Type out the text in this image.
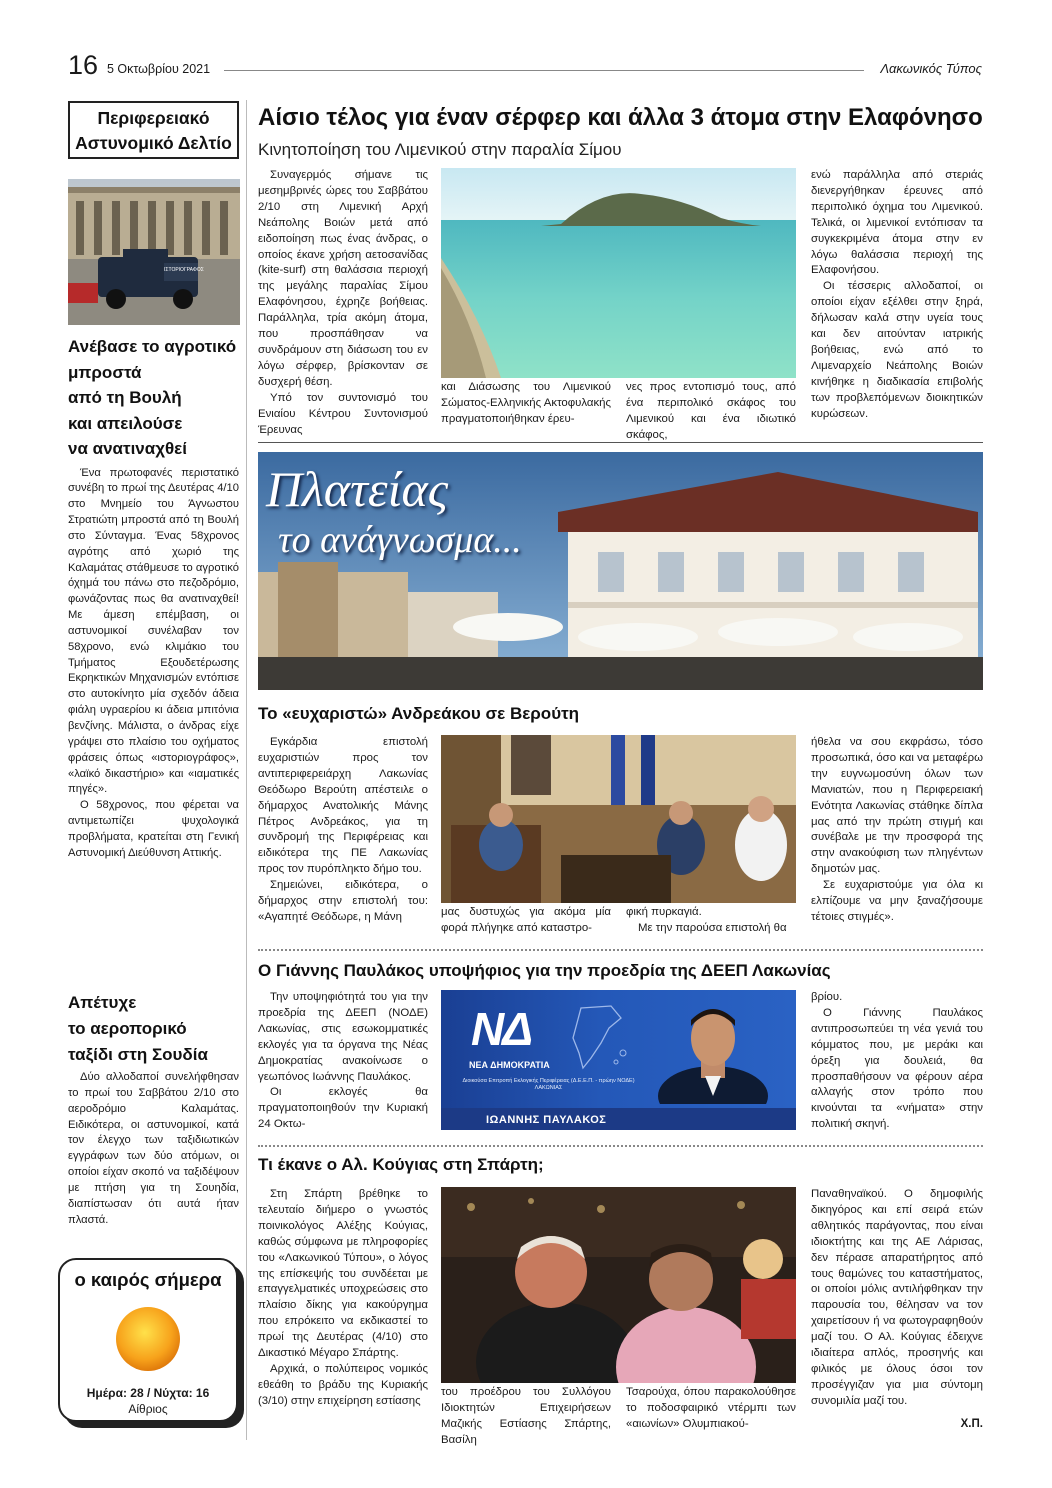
16 5 Οκτωβρίου 2021	Λακωνικός Τύπος
Περιφερειακό
Αστυνομικό Δελτίο
ΙΣΤΟΡΙΟΓΡΑΦΟΣ
Ανέβασε το αγροτικό
μπροστά
από τη Βουλή
και απειλούσε
να ανατιναχθεί

Ένα πρωτοφανές περιστατικό συνέβη το πρωί της Δευτέρας 4/10 στο Μνημείο του Άγνωστου Στρατιώτη μπροστά από τη Βουλή στο Σύνταγμα. Ένας 58χρονος αγρότης από χωριό της Καλαμάτας στάθμευσε το αγροτικό όχημά του πάνω στο πεζοδρόμιο, φωνάζοντας πως θα ανατιναχθεί! Με άμεση επέμβαση, οι αστυνομικοί συνέλαβαν τον 58χρονο, ενώ κλιμάκιο του Τμήματος Εξουδετέρωσης Εκρηκτικών Μηχανισμών εντόπισε στο αυτοκίνητο μία σχεδόν άδεια φιάλη υγραερίου κι άδεια μπιτόνια βενζίνης. Μάλιστα, ο άνδρας είχε γράψει στο πλαίσιο του οχήματος φράσεις όπως «ιστοριογράφος», «λαϊκό δικαστήριο» και «ιαματικές πηγές».

Ο 58χρονος, που φέρεται να αντιμετωπίζει ψυχολογικά προβλήματα, κρατείται στη Γενική Αστυνομική Διεύθυνση Αττικής.

Απέτυχε
το αεροπορικό
ταξίδι στη Σουδία

Δύο αλλοδαποί συνελήφθησαν το πρωί του Σαββάτου 2/10 στο αεροδρόμιο Καλαμάτας. Ειδικότερα, οι αστυνομικοί, κατά τον έλεγχο των ταξιδιωτικών εγγράφων των δύο ατόμων, οι οποίοι είχαν σκοπό να ταξιδέψουν με πτήση για τη Σουηδία, διαπίστωσαν ότι αυτά ήταν πλαστά.

ο καιρός σήμερα
Ημέρα: 28 / Νύχτα: 16
Αίθριος
Αίσιο τέλος για έναν σέρφερ και άλλα 3 άτομα στην Ελαφόνησο
Κινητοποίηση του Λιμενικού στην παραλία Σίμου

Συναγερμός σήμανε τις μεσημβρινές ώρες του Σαββάτου 2/10 στη Λιμενική Αρχή Νεάπολης Βοιών μετά από ειδοποίηση πως ένας άνδρας, ο οποίος έκανε χρήση αετοσανίδας (kite-surf) στη θαλάσσια περιοχή της μεγάλης παραλίας Σίμου Ελαφόνησου, έχρηζε βοήθειας. Παράλληλα, τρία ακόμη άτομα, που προσπάθησαν να συνδράμουν στη διάσωση του εν λόγω σέρφερ, βρίσκονταν σε δυσχερή θέση.

Υπό τον συντονισμό του Ενιαίου Κέντρου Συντονισμού Έρευνας

και Διάσωσης του Λιμενικού Σώματος-Ελληνικής Ακτοφυλακής πραγματοποιήθηκαν έρευ-
νες προς εντοπισμό τους, από ένα περιπολικό σκάφος του Λιμενικού και ένα ιδιωτικό σκάφος,

ενώ παράλληλα από στεριάς διενεργήθηκαν έρευνες από περιπολικό όχημα του Λιμενικού. Τελικά, οι λιμενικοί εντόπισαν τα συγκεκριμένα άτομα στην εν λόγω θαλάσσια περιοχή της Ελαφονήσου.

Οι τέσσερις αλλοδαποί, οι οποίοι είχαν εξέλθει στην ξηρά, δήλωσαν καλά στην υγεία τους και δεν αιτούνταν ιατρικής βοήθειας, ενώ από το Λιμεναρχείο Νεάπολης Βοιών κινήθηκε η διαδικασία επιβολής των προβλεπόμενων διοικητικών κυρώσεων.

Πλατείας
το ανάγνωσμα...
Το «ευχαριστώ» Ανδρεάκου σε Βερούτη

Εγκάρδια επιστολή ευχαριστιών προς τον αντιπεριφερειάρχη Λακωνίας Θεόδωρο Βερούτη απέστειλε ο δήμαρχος Ανατολικής Μάνης Πέτρος Ανδρεάκος, για τη συνδρομή της Περιφέρειας και ειδικότερα της ΠΕ Λακωνίας προς τον πυρόπληκτο δήμο του.

Σημειώνει, ειδικότερα, ο δήμαρχος στην επιστολή του: «Αγαπητέ Θεόδωρε, η Μάνη	μας δυστυχώς για ακόμα μία φορά πλήγηκε από καταστρο-

φική πυρκαγιά.

Με την παρούσα επιστολή θα

ήθελα να σου εκφράσω, τόσο προσωπικά, όσο και να μεταφέρω την ευγνωμοσύνη όλων των Μανιατών, που η Περιφερειακή Ενότητα Λακωνίας στάθηκε δίπλα μας από την πρώτη στιγμή και συνέβαλε με την προσφορά της στην ανακούφιση των πληγέντων δημοτών μας.

Σε ευχαριστούμε για όλα κι ελπίζουμε να μην ξαναζήσουμε τέτοιες στιγμές».

Ο Γιάννης Παυλάκος υποψήφιος για την προεδρία της ΔΕΕΠ Λακωνίας

Την υποψηφιότητά του για την προεδρία της ΔΕΕΠ (ΝΟΔΕ) Λακωνίας, στις εσωκομματικές εκλογές για τα όργανα της Νέας Δημοκρατίας ανακοίνωσε ο γεωπόνος Ιωάννης Παυλάκος.

Οι εκλογές θα πραγματοποιηθούν την Κυριακή 24 Οκτω-

ΝΔ
ΝΕΑ ΔΗΜΟΚΡΑΤΙΑ
Διοικούσα Επιτροπή Εκλογικής Περιφέρειας (Δ.Ε.Ε.Π. - πρώην ΝΟΔΕ) ΛΑΚΩΝΙΑΣ
ΙΩΑΝΝΗΣ ΠΑΥΛΑΚΟΣ

βρίου.

Ο Γιάννης Παυλάκος αντιπροσωπεύει τη νέα γενιά του κόμματος που, με μεράκι και όρεξη για δουλειά, θα προσπαθήσουν να φέρουν αέρα αλλαγής στον τρόπο που κινούνται τα «νήματα» στην πολιτική σκηνή.

Τι έκανε ο Αλ. Κούγιας στη Σπάρτη;

Στη Σπάρτη βρέθηκε το τελευταίο διήμερο ο γνωστός ποινικολόγος Αλέξης Κούγιας, καθώς σύμφωνα με πληροφορίες του «Λακωνικού Τύπου», ο λόγος της επίσκεψής του συνδέεται με επαγγελματικές υποχρεώσεις στο πλαίσιο δίκης για κακούργημα που επρόκειτο να εκδικαστεί το πρωί της Δευτέρας (4/10) στο Δικαστικό Μέγαρο Σπάρτης.

Αρχικά, ο πολύπειρος νομικός εθεάθη το βράδυ της Κυριακής (3/10) στην επιχείρηση εστίασης

του προέδρου του Συλλόγου Ιδιοκτητών Επιχειρήσεων Μαζικής Εστίασης Σπάρτης, Βασίλη
Τσαρούχα, όπου παρακολούθησε το ποδοσφαιρικό ντέρμπι των «αιωνίων» Ολυμπιακού-

Παναθηναϊκού. Ο δημοφιλής δικηγόρος και επί σειρά ετών αθλητικός παράγοντας, που είναι ιδιοκτήτης και της ΑΕ Λάρισας, δεν πέρασε απαρατήρητος από τους θαμώνες του καταστήματος, οι οποίοι μόλις αντιλήφθηκαν την παρουσία του, θέλησαν να τον χαιρετίσουν ή να φωτογραφηθούν μαζί του. Ο Αλ. Κούγιας έδειχνε ιδιαίτερα απλός, προσηνής και φιλικός με όλους όσοι τον προσέγγιζαν για μια σύντομη συνομιλία μαζί του.

Χ.Π.
